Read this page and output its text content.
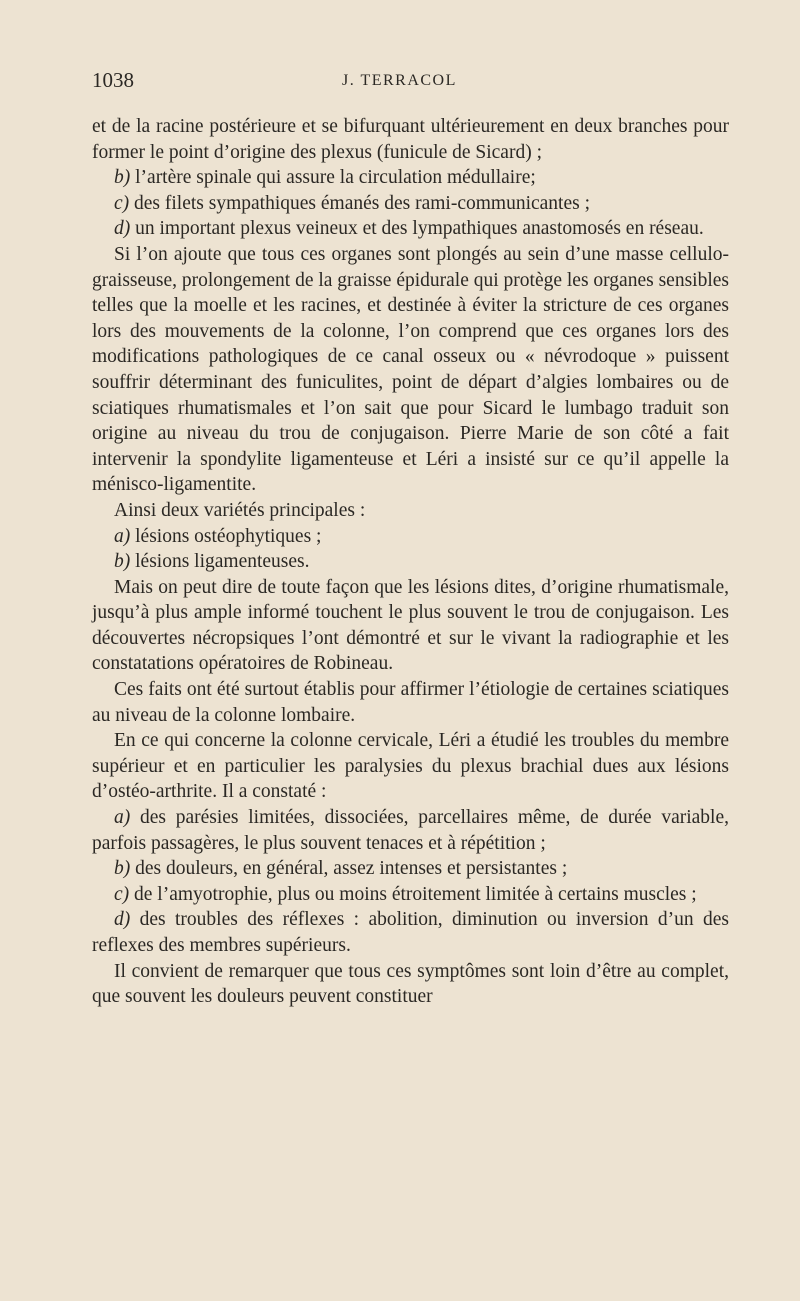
1038	J. TERRACOL

et de la racine postérieure et se bifurquant ultérieurement en deux branches pour former le point d’origine des plexus (funicule de Sicard) ;

b) l’artère spinale qui assure la circulation médullaire;

c) des filets sympathiques émanés des rami-communicantes ;

d) un important plexus veineux et des lympathiques anastomosés en réseau.

Si l’on ajoute que tous ces organes sont plongés au sein d’une masse cellulo-graisseuse, prolongement de la graisse épidurale qui protège les organes sensibles telles que la moelle et les racines, et destinée à éviter la stricture de ces organes lors des mouvements de la colonne, l’on comprend que ces organes lors des modifications pathologiques de ce canal osseux ou « névrodoque » puissent souffrir déterminant des funiculites, point de départ d’algies lombaires ou de sciatiques rhumatismales et l’on sait que pour Sicard le lumbago traduit son origine au niveau du trou de conjugaison. Pierre Marie de son côté a fait intervenir la spondylite ligamenteuse et Léri a insisté sur ce qu’il appelle la ménisco-ligamentite.

Ainsi deux variétés principales :

a) lésions ostéophytiques ;

b) lésions ligamenteuses.

Mais on peut dire de toute façon que les lésions dites, d’origine rhumatismale, jusqu’à plus ample informé touchent le plus souvent le trou de conjugaison. Les découvertes nécropsiques l’ont démontré et sur le vivant la radiographie et les constatations opératoires de Robineau.

Ces faits ont été surtout établis pour affirmer l’étiologie de certaines sciatiques au niveau de la colonne lombaire.

En ce qui concerne la colonne cervicale, Léri a étudié les troubles du membre supérieur et en particulier les paralysies du plexus brachial dues aux lésions d’ostéo-arthrite. Il a constaté :

a) des parésies limitées, dissociées, parcellaires même, de durée variable, parfois passagères, le plus souvent tenaces et à répétition ;

b) des douleurs, en général, assez intenses et persistantes ;

c) de l’amyotrophie, plus ou moins étroitement limitée à certains muscles ;

d) des troubles des réflexes : abolition, diminution ou inversion d’un des reflexes des membres supérieurs.

Il convient de remarquer que tous ces symptômes sont loin d’être au complet, que souvent les douleurs peuvent constituer
